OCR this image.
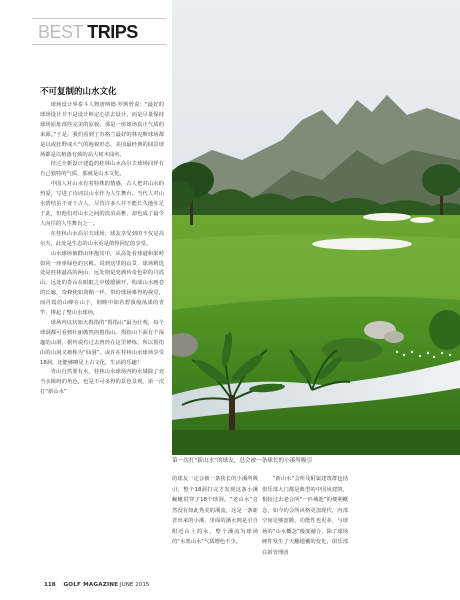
BEST TRIPS
第一次打“新山水”的球友，总会被一条球长的小溪所吸引
不可复制的山水文化

球场设计界泰斗人物唐纳德·罗斯曾说：“最好的球场设计并不是设计师定心思去设计，而是尽量保持球场原址部些完美的原貌。那是一座球场真正气质的来源。”于是，我们看到了苏格兰最好的林克斯球场都是以或狂野或大气的地貌形态，美国最经典的圆景球场都是以植落有致的高大树木闻名。

经过全新设计建造的桂林山水高尔夫球场同样有自己独特的气质，那就是山水文化。

中国人对山水有着特殊的情感，古人把对山水的热爱，写进了诗词以山水作为人生舞台。当代人对山水情结虽不亚于古人，尽管许多人并不能长久地驻足于此，但他们对山水之间的淡泊高雅，却也成了最令人向往的人生舞台之一。

在桂林山水高尔夫球场，球友享受到的不仅是高尔夫，此处是生态的山水更是值得回忆的享受。

山水球场被群山环抱其中，从高处看球道和果岭如同一座座绿色的宫殿。说到这里的山景，球场精选处是桂林最高的两山，远处则是充满传奇色彩的丹霞山，远处的奇山在眼眶之中缓缓铺开，构成山水画卷的长廊，奇峰犹如剑鞘一样，带给球场难得的视觉，而丹霞的山峰在山下，倒映中如若碧波般荡漾的青竿，撑起了整山水球场。

球场内以状如大拇指的“拇指山”最为壮观，每个球洞都可看到壮丽傲然的拇指山。拇指山下面有个深邃的山洞，据传说有过去曾经在这里修炼，所以拇指山的山洞又被称为“仙洞”。或许在桂林山水球场享受18洞，还能够略见上古文化，生活的乐趣！

青山自然要有水，桂林山水球场内的水域除了充当水障碍的角色，也是不可多得的景色景观，第一次打“新山水”

的球友一定会被一条狭长的小溪所吸引，整个18洞打完才发现这条小溪蜿蜒贯穿了18个球洞。“老山水”自然没有如此秀美的溪流，这是一条新晋出来的小溪，里面的溪水则是引自附近山上的水，整个溪流为球场的“水墨山水”气质增色不少。

“新山水”会所及附属建筑群包括俱乐部大门都是典型的中国风建筑，相较过去老会所“一匹城池”的便利概念，如今的会所风格更加现代，内部空间足够宽敞，功能性也更多，与球场的“山水概念”极度融合，除了球场硬件发生了天翻地覆的变化，俱乐部在新管理团

118 GOLF MAGAZINE JUNE 2015
